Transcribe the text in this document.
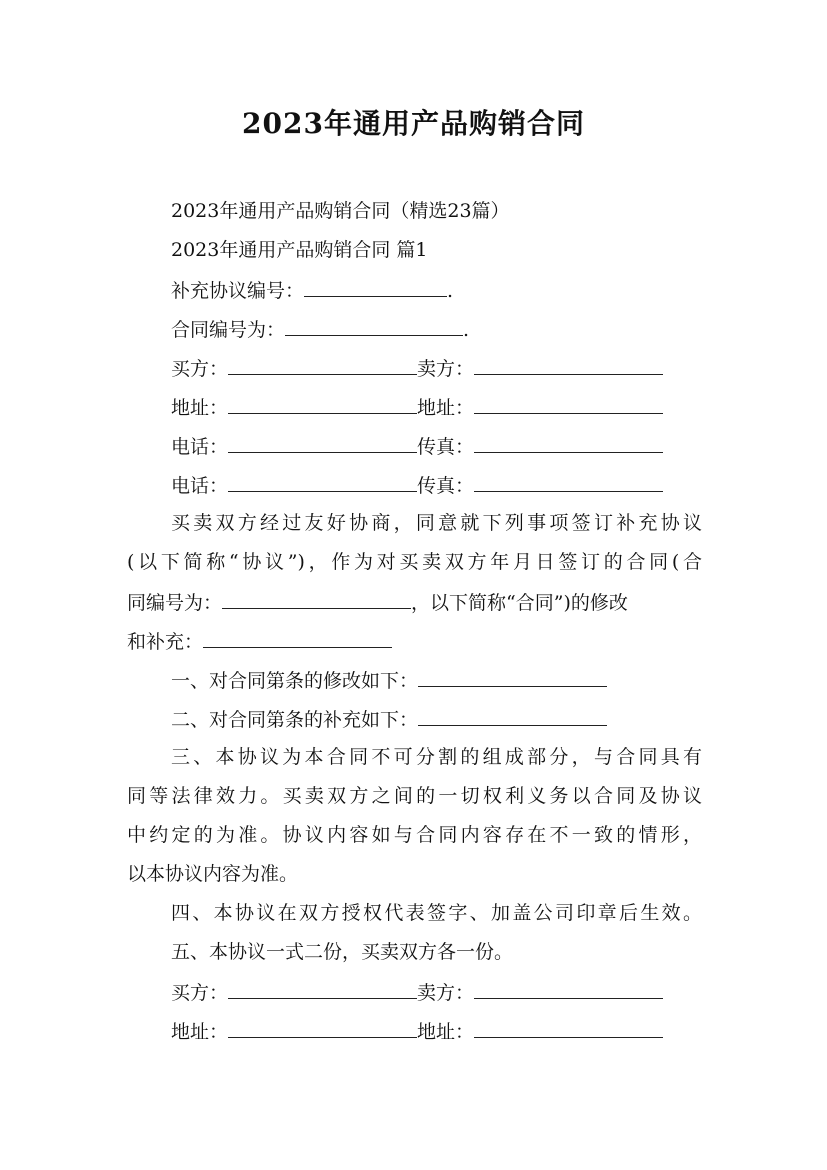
2023年通用产品购销合同
2023年通用产品购销合同（精选23篇）
2023年通用产品购销合同 篇1
补充协议编号：	.
合同编号为：	.
买方：	卖方：
地址：	地址：
电话：	传真：
电话：	传真：
买卖双方经过友好协商，同意就下列事项签订补充协议
(以下简称“协议”)，作为对买卖双方年月日签订的合同(合
同编号为：	，以下简称“合同”)的修改
和补充：
一、对合同第条的修改如下：
二、对合同第条的补充如下：
三、本协议为本合同不可分割的组成部分，与合同具有
同等法律效力。买卖双方之间的一切权利义务以合同及协议
中约定的为准。协议内容如与合同内容存在不一致的情形，
以本协议内容为准。
四、本协议在双方授权代表签字、加盖公司印章后生效。
五、本协议一式二份，买卖双方各一份。
买方：	卖方：
地址：	地址：
